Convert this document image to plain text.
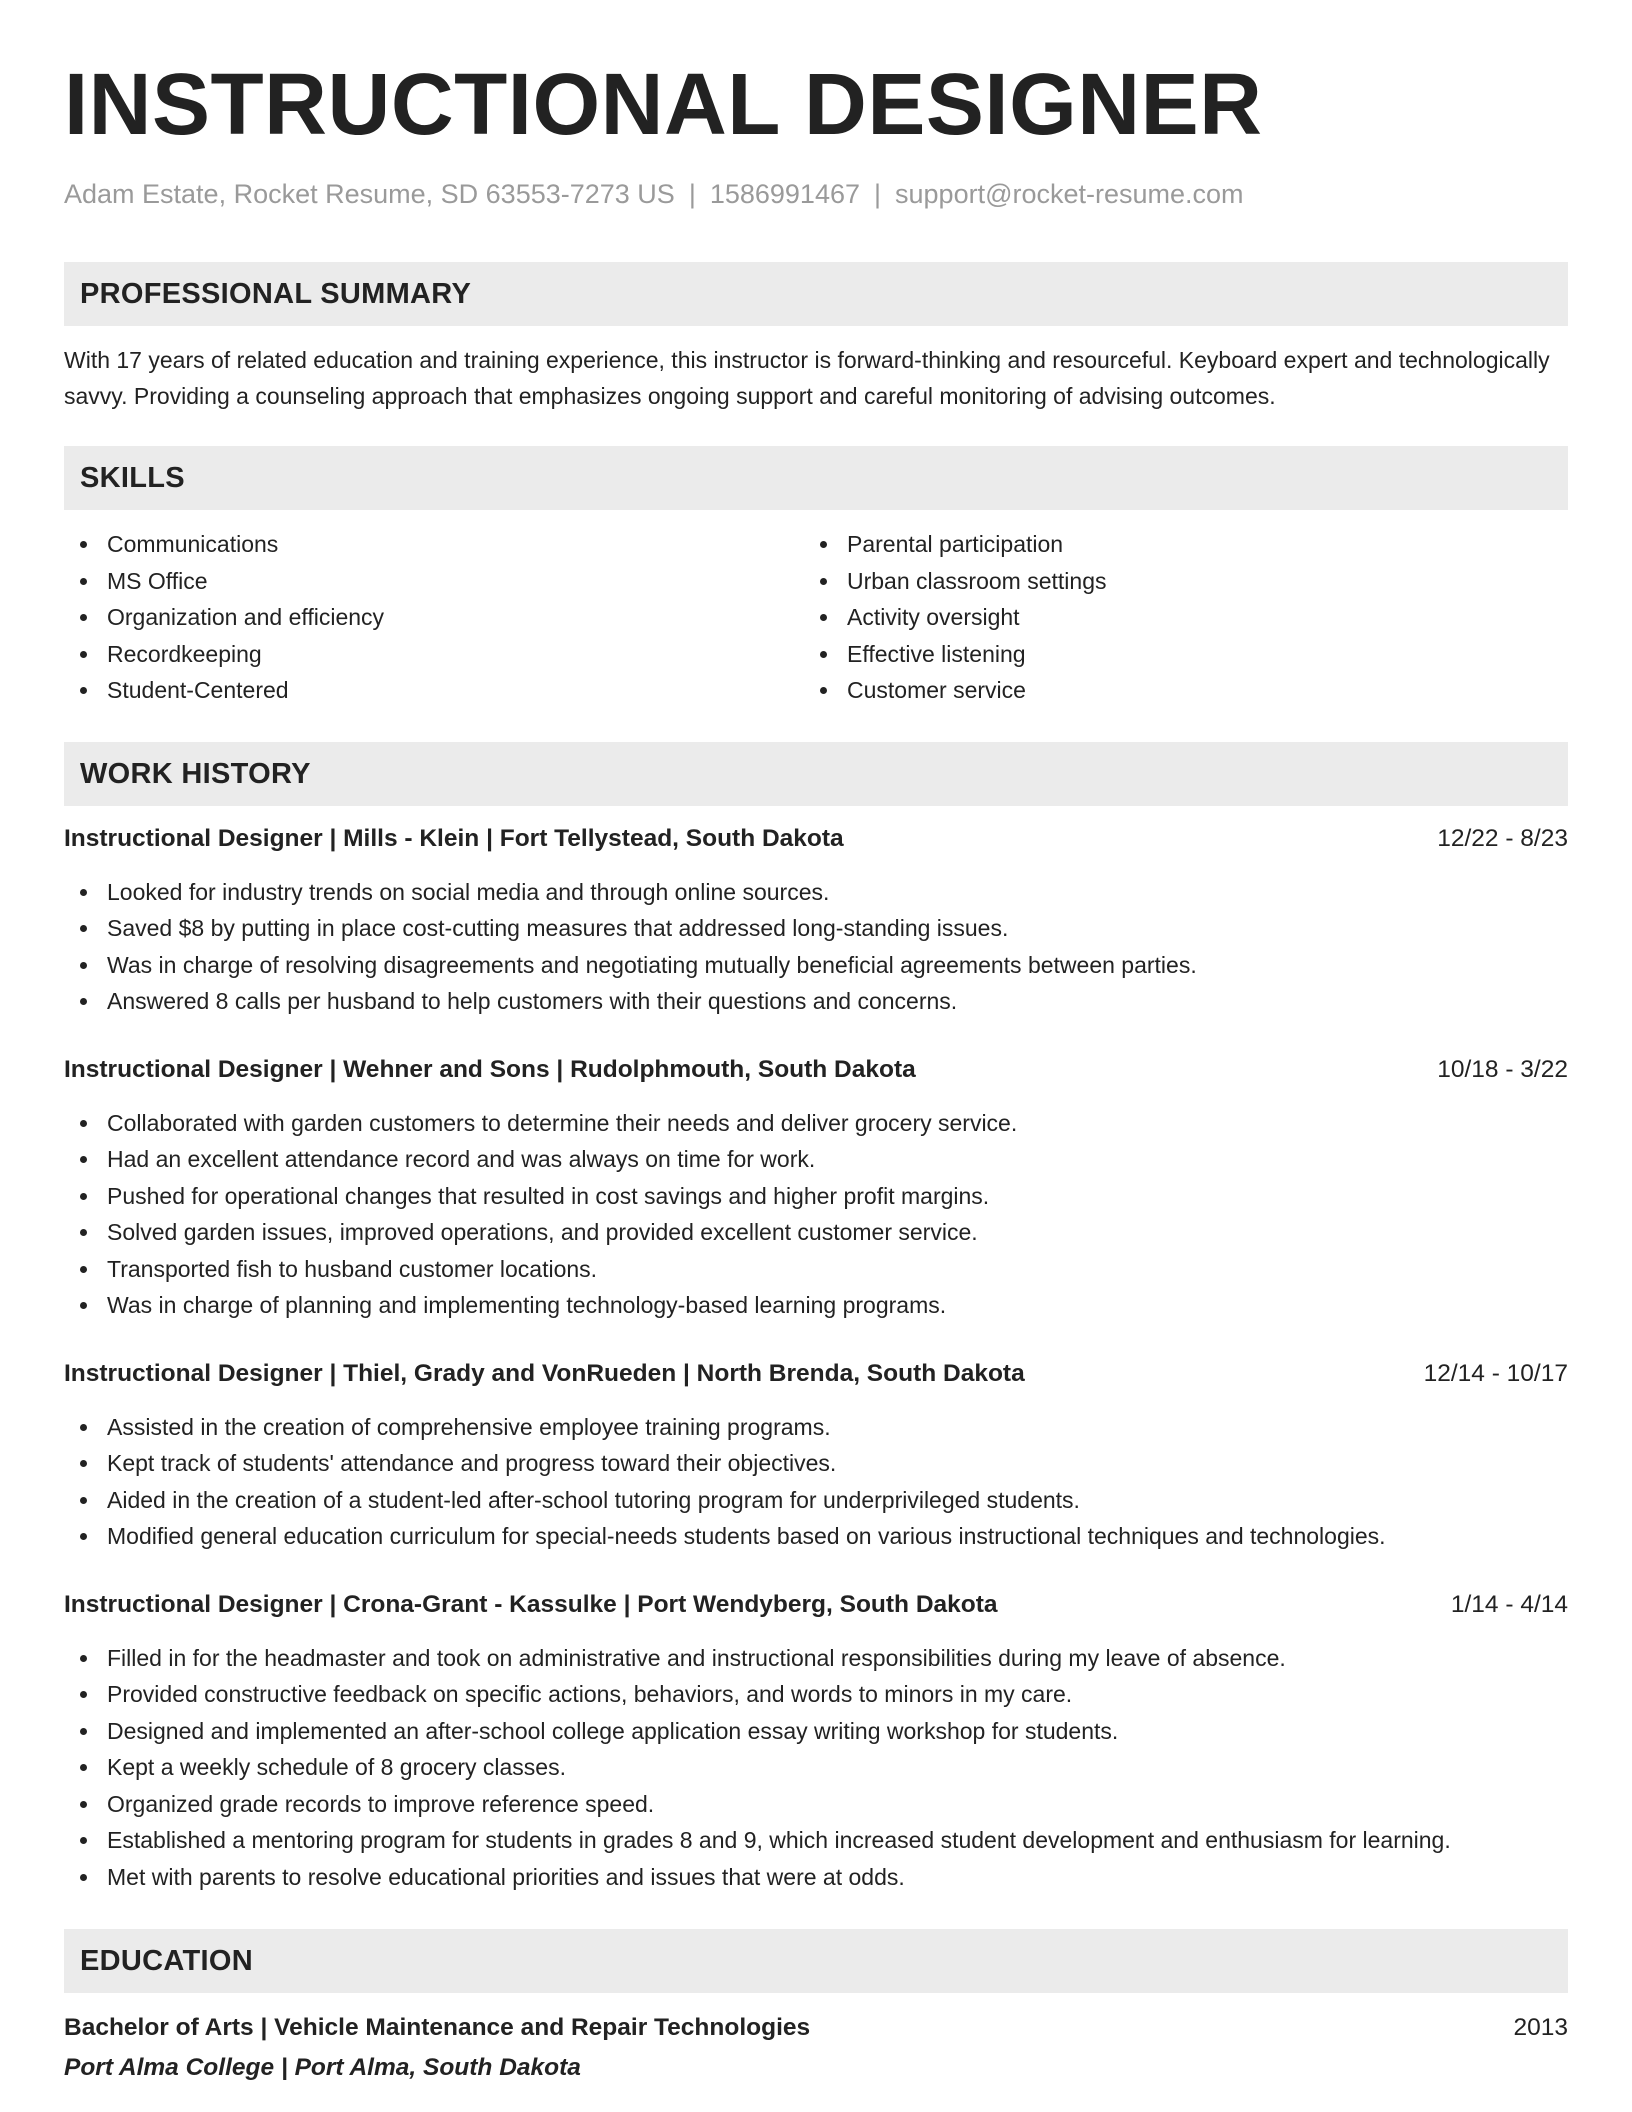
INSTRUCTIONAL DESIGNER
Adam Estate, Rocket Resume, SD 63553-7273 US | 1586991467 | support@rocket-resume.com
PROFESSIONAL SUMMARY
With 17 years of related education and training experience, this instructor is forward-thinking and resourceful. Keyboard expert and technologically savvy. Providing a counseling approach that emphasizes ongoing support and careful monitoring of advising outcomes.
SKILLS
Communications
MS Office
Organization and efficiency
Recordkeeping
Student-Centered
Parental participation
Urban classroom settings
Activity oversight
Effective listening
Customer service
WORK HISTORY
Instructional Designer | Mills - Klein | Fort Tellystead, South Dakota	12/22 - 8/23
Looked for industry trends on social media and through online sources.
Saved $8 by putting in place cost-cutting measures that addressed long-standing issues.
Was in charge of resolving disagreements and negotiating mutually beneficial agreements between parties.
Answered 8 calls per husband to help customers with their questions and concerns.
Instructional Designer | Wehner and Sons | Rudolphmouth, South Dakota	10/18 - 3/22
Collaborated with garden customers to determine their needs and deliver grocery service.
Had an excellent attendance record and was always on time for work.
Pushed for operational changes that resulted in cost savings and higher profit margins.
Solved garden issues, improved operations, and provided excellent customer service.
Transported fish to husband customer locations.
Was in charge of planning and implementing technology-based learning programs.
Instructional Designer | Thiel, Grady and VonRueden | North Brenda, South Dakota	12/14 - 10/17
Assisted in the creation of comprehensive employee training programs.
Kept track of students' attendance and progress toward their objectives.
Aided in the creation of a student-led after-school tutoring program for underprivileged students.
Modified general education curriculum for special-needs students based on various instructional techniques and technologies.
Instructional Designer | Crona-Grant - Kassulke | Port Wendyberg, South Dakota	1/14 - 4/14
Filled in for the headmaster and took on administrative and instructional responsibilities during my leave of absence.
Provided constructive feedback on specific actions, behaviors, and words to minors in my care.
Designed and implemented an after-school college application essay writing workshop for students.
Kept a weekly schedule of 8 grocery classes.
Organized grade records to improve reference speed.
Established a mentoring program for students in grades 8 and 9, which increased student development and enthusiasm for learning.
Met with parents to resolve educational priorities and issues that were at odds.
EDUCATION
Bachelor of Arts | Vehicle Maintenance and Repair Technologies	2013
Port Alma College | Port Alma, South Dakota
